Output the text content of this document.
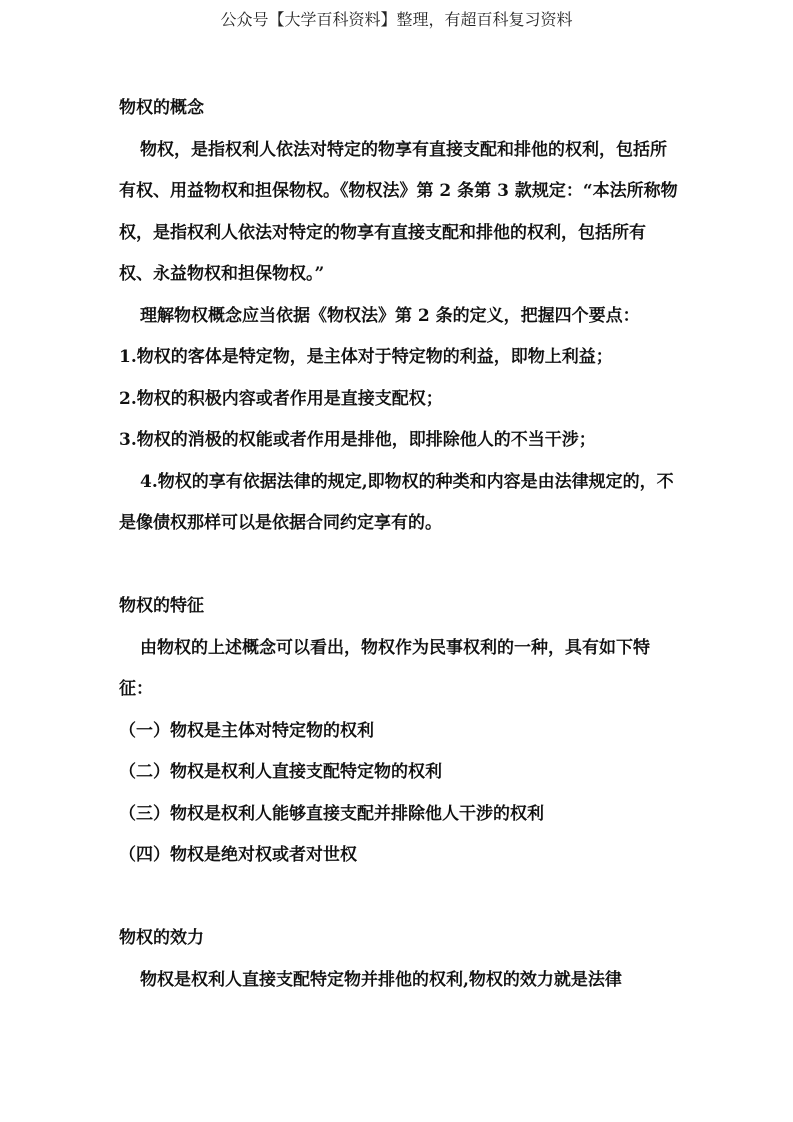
公众号【大学百科资料】整理，有超百科复习资料

物权的概念

物权，是指权利人依法对特定的物享有直接支配和排他的权利，包括所有权、用益物权和担保物权。《物权法》第 2 条第 3 款规定：“本法所称物权，是指权利人依法对特定的物享有直接支配和排他的权利，包括所有权、永益物权和担保物权。”

理解物权概念应当依据《物权法》第 2 条的定义，把握四个要点：

1.物权的客体是特定物，是主体对于特定物的利益，即物上利益；

2.物权的积极内容或者作用是直接支配权；

3.物权的消极的权能或者作用是排他，即排除他人的不当干涉；

4.物权的享有依据法律的规定,即物权的种类和内容是由法律规定的，不是像债权那样可以是依据合同约定享有的。

物权的特征

由物权的上述概念可以看出，物权作为民事权利的一种，具有如下特征：

（一）物权是主体对特定物的权利

（二）物权是权利人直接支配特定物的权利

（三）物权是权利人能够直接支配并排除他人干涉的权利

（四）物权是绝对权或者对世权

物权的效力

物权是权利人直接支配特定物并排他的权利,物权的效力就是法律
